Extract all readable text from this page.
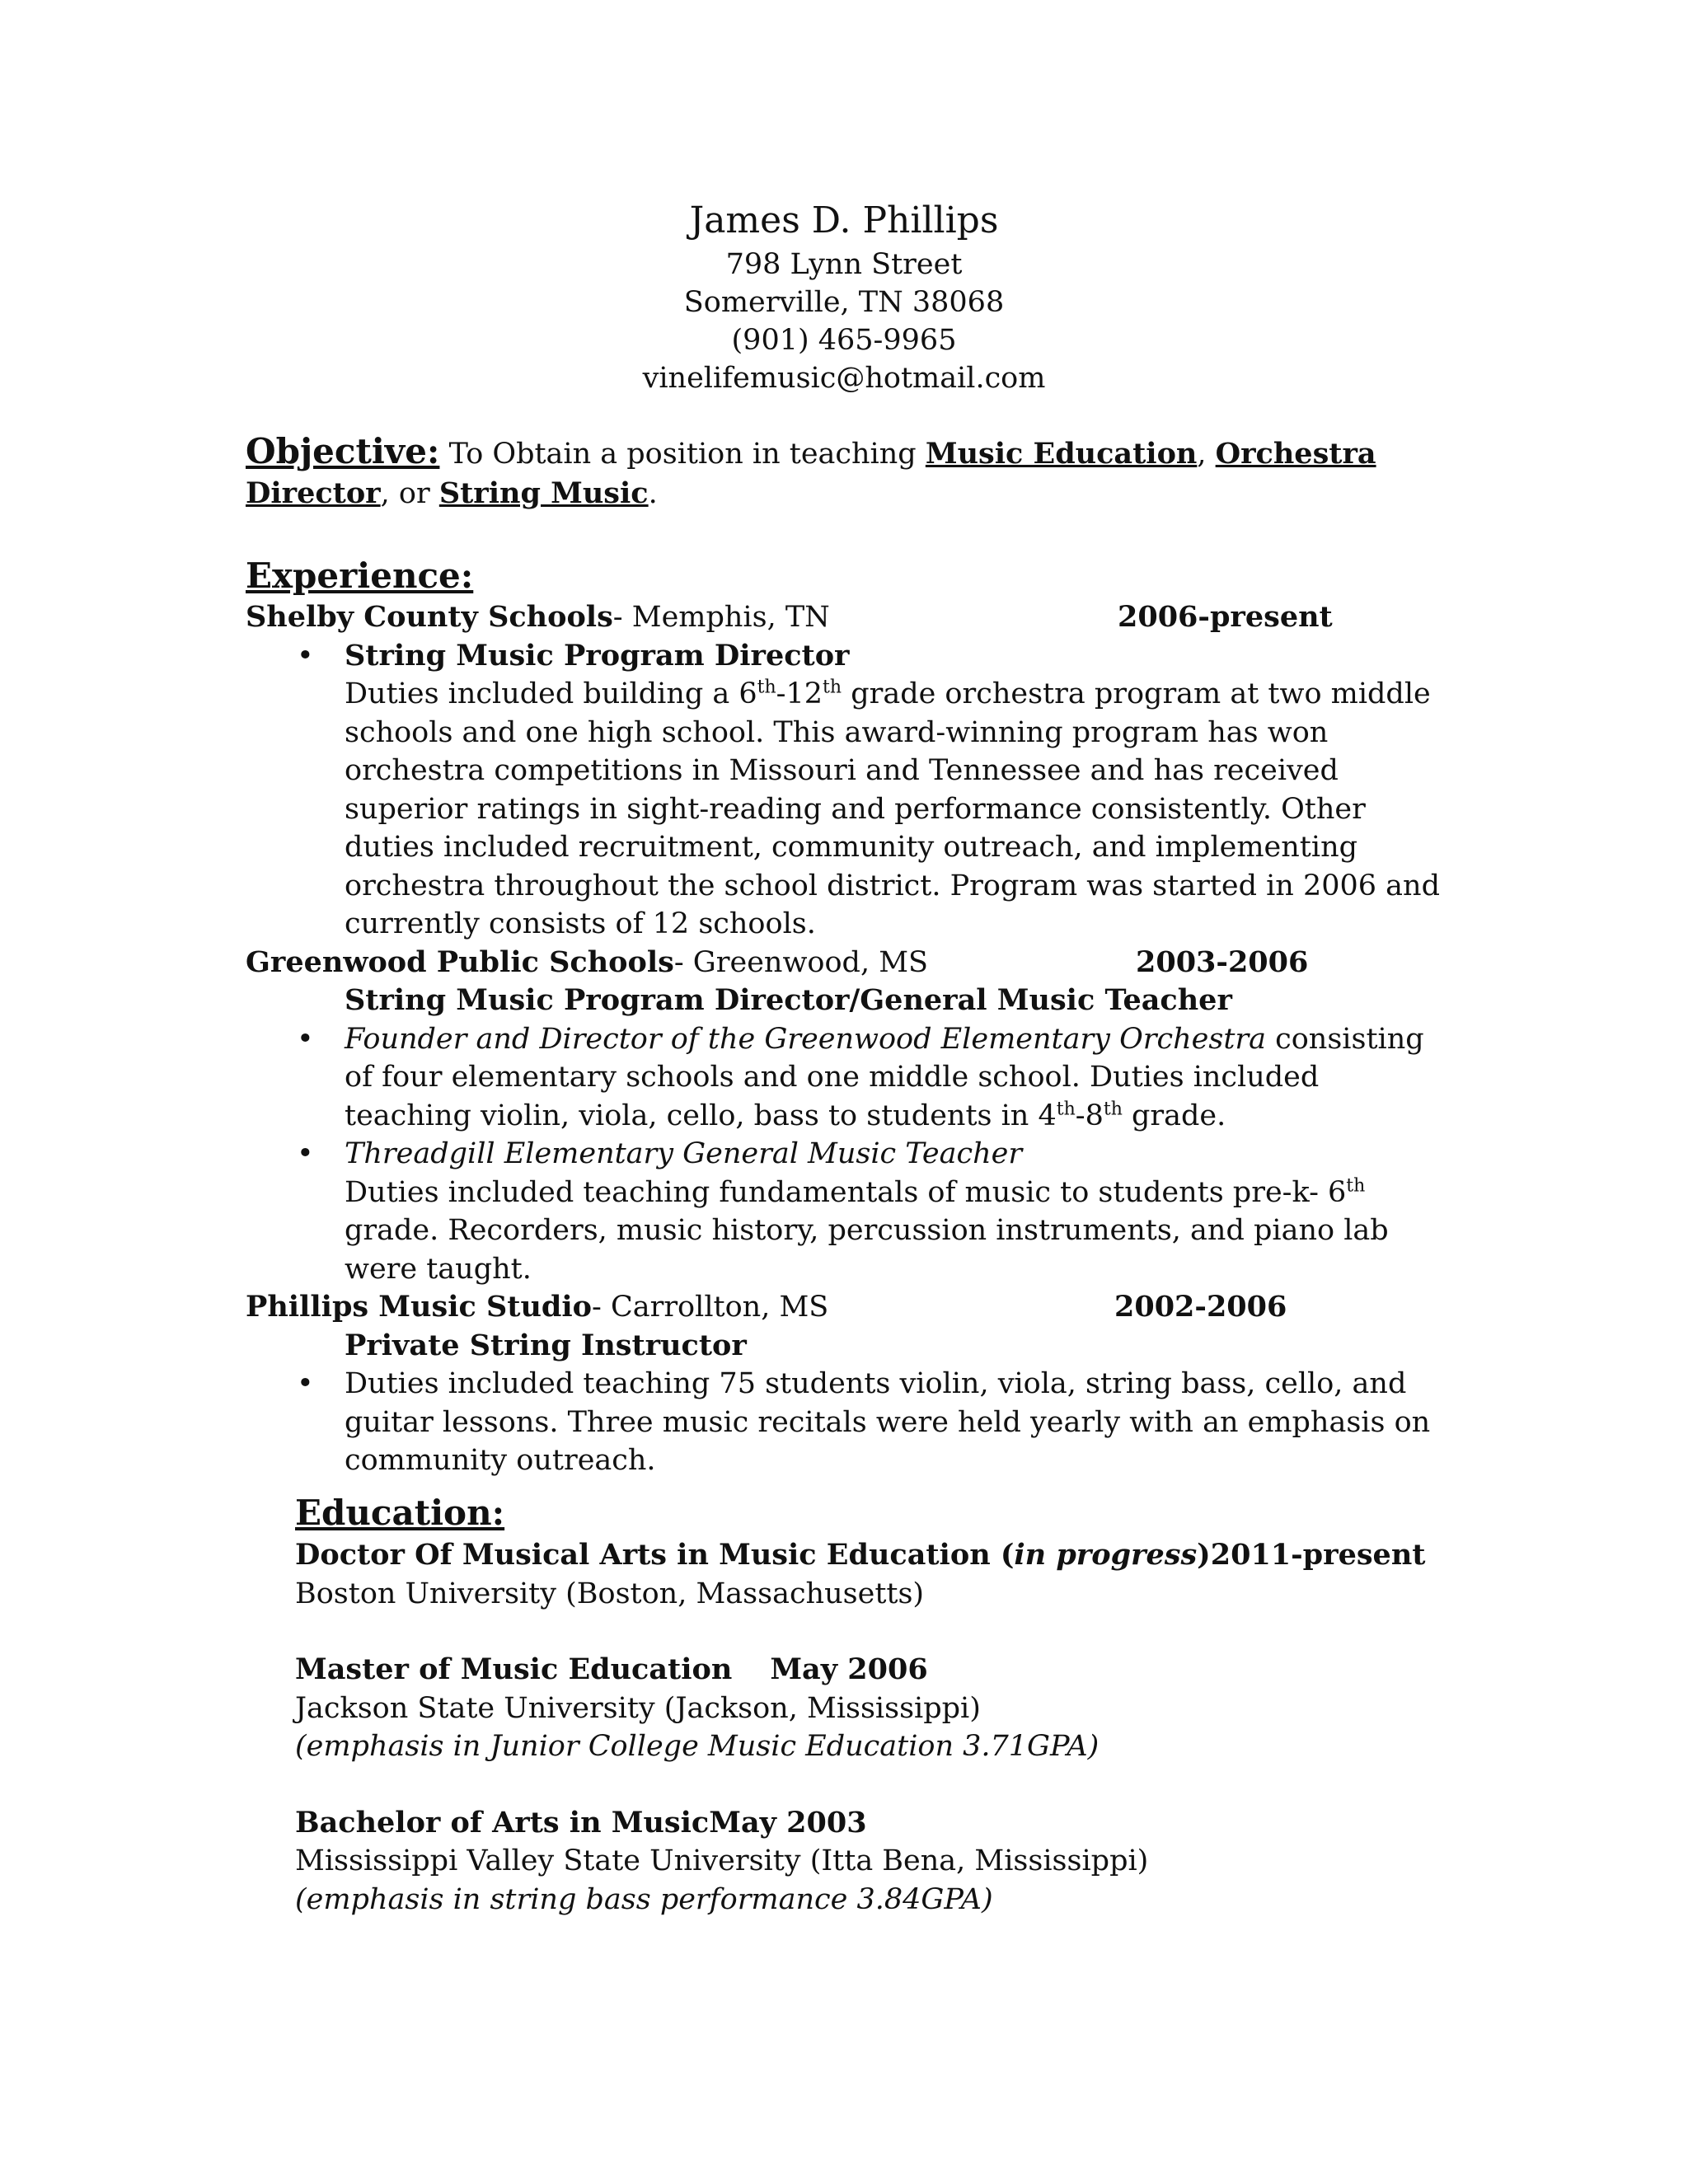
James D. Phillips
798 Lynn Street
Somerville, TN 38068
(901) 465-9965
vinelifemusic@hotmail.com
Objective: To Obtain a position in teaching Music Education, Orchestra Director, or String Music.
Experience:
Shelby County Schools- Memphis, TN	2006-present
• String Music Program Director
Duties included building a 6th-12th grade orchestra program at two middle schools and one high school. This award-winning program has won orchestra competitions in Missouri and Tennessee and has received superior ratings in sight-reading and performance consistently. Other duties included recruitment, community outreach, and implementing orchestra throughout the school district. Program was started in 2006 and currently consists of 12 schools.
Greenwood Public Schools- Greenwood, MS	2003-2006
String Music Program Director/General Music Teacher
• Founder and Director of the Greenwood Elementary Orchestra consisting of four elementary schools and one middle school. Duties included teaching violin, viola, cello, bass to students in 4th-8th grade.
• Threadgill Elementary General Music Teacher
Duties included teaching fundamentals of music to students pre-k- 6th grade. Recorders, music history, percussion instruments, and piano lab were taught.
Phillips Music Studio- Carrollton, MS	2002-2006
Private String Instructor
• Duties included teaching 75 students violin, viola, string bass, cello, and guitar lessons. Three music recitals were held yearly with an emphasis on community outreach.
Education:
Doctor Of Musical Arts in Music Education (in progress)2011-present
Boston University (Boston, Massachusetts)
Master of Music Education May 2006
Jackson State University (Jackson, Mississippi)
(emphasis in Junior College Music Education 3.71GPA)
Bachelor of Arts in MusicMay 2003
Mississippi Valley State University (Itta Bena, Mississippi)
(emphasis in string bass performance 3.84GPA)
